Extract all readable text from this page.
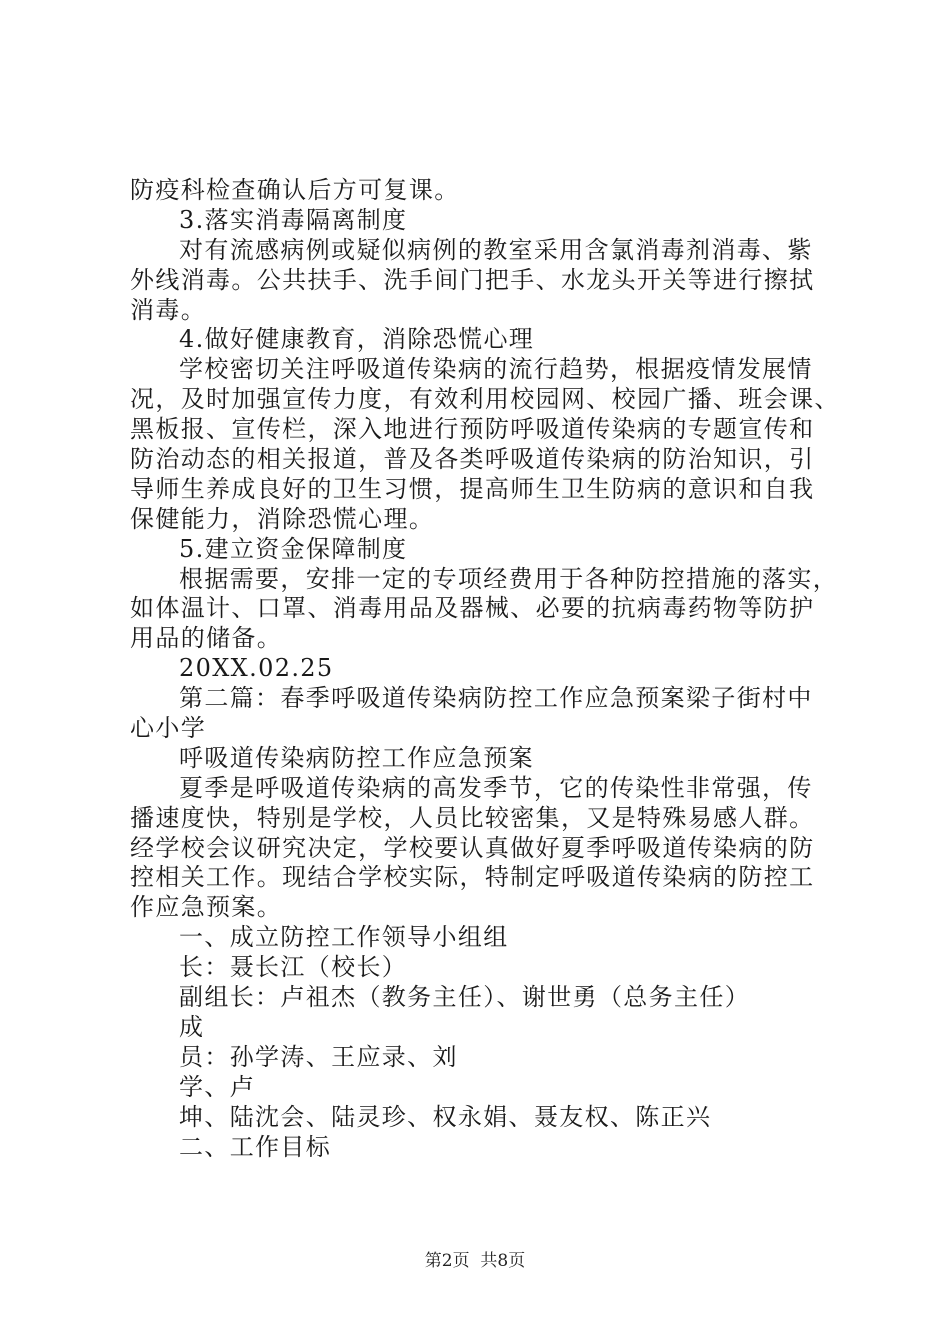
防疫科检查确认后方可复课。
3.落实消毒隔离制度
对有流感病例或疑似病例的教室采用含氯消毒剂消毒、紫
外线消毒。公共扶手、洗手间门把手、水龙头开关等进行擦拭
消毒。
4.做好健康教育，消除恐慌心理
学校密切关注呼吸道传染病的流行趋势，根据疫情发展情
况，及时加强宣传力度，有效利用校园网、校园广播、班会课、
黑板报、宣传栏，深入地进行预防呼吸道传染病的专题宣传和
防治动态的相关报道，普及各类呼吸道传染病的防治知识，引
导师生养成良好的卫生习惯，提高师生卫生防病的意识和自我
保健能力，消除恐慌心理。
5.建立资金保障制度
根据需要，安排一定的专项经费用于各种防控措施的落实，
如体温计、口罩、消毒用品及器械、必要的抗病毒药物等防护
用品的储备。
20XX.02.25
第二篇：春季呼吸道传染病防控工作应急预案梁子街村中
心小学
呼吸道传染病防控工作应急预案
夏季是呼吸道传染病的高发季节，它的传染性非常强，传
播速度快，特别是学校，人员比较密集，又是特殊易感人群。
经学校会议研究决定，学校要认真做好夏季呼吸道传染病的防
控相关工作。现结合学校实际，特制定呼吸道传染病的防控工
作应急预案。
一、成立防控工作领导小组组
长：聂长江（校长）
副组长：卢祖杰（教务主任）、谢世勇（总务主任）
成
员：孙学涛、王应录、刘
学、卢
坤、陆沈会、陆灵珍、权永娟、聂友权、陈正兴
二、工作目标
第2页  共8页
